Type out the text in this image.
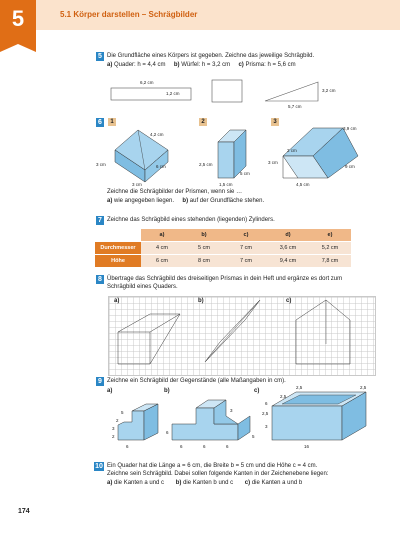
5	5.1 Körper darstellen – Schrägbilder
5 Die Grundfläche eines Körpers ist gegeben. Zeichne das jeweilige Schrägbild.
a) Quader: h = 4,4 cm b) Würfel: h = 3,2 cm c) Prisma: h = 5,6 cm
6,2 cm
1,2 cm
3,2 cm
5,7 cm
6	1	2	3
4,2 cm
3 cm	6 cm
3 cm
2,5 cm
5 cm
1,5 cm
3,9 cm
2 cm
3 cm
9 cm
4,5 cm
Zeichne die Schrägbilder der Prismen, wenn sie …
a) wie angegeben liegen. b) auf der Grundfläche stehen.
7 Zeichne das Schrägbild eines stehenden (liegenden) Zylinders.
	a)	b)	c)	d)	e)
Durchmesser	4 cm	5 cm	7 cm	3,6 cm	5,2 cm
Höhe	6 cm	8 cm	7 cm	9,4 cm	7,8 cm
8 Übertrage das Schrägbild des dreiseitigen Prismas in dein Heft und ergänze es dort zum
Schrägbild eines Quaders.
a)	b)	c)
9 Zeichne ein Schrägbild der Gegenstände (alle Maßangaben in cm).
a)	b)	c)
5
2
3
2
6
3
6
6	6	6
5
2,5	2,5
2,5
6
2,5
3
16
10 Ein Quader hat die Länge a = 6 cm, die Breite b = 5 cm und die Höhe c = 4 cm.
Zeichne sein Schrägbild. Dabei sollen folgende Kanten in der Zeichenebene liegen:
a) die Kanten a und c b) die Kanten b und c c) die Kanten a und b
174
